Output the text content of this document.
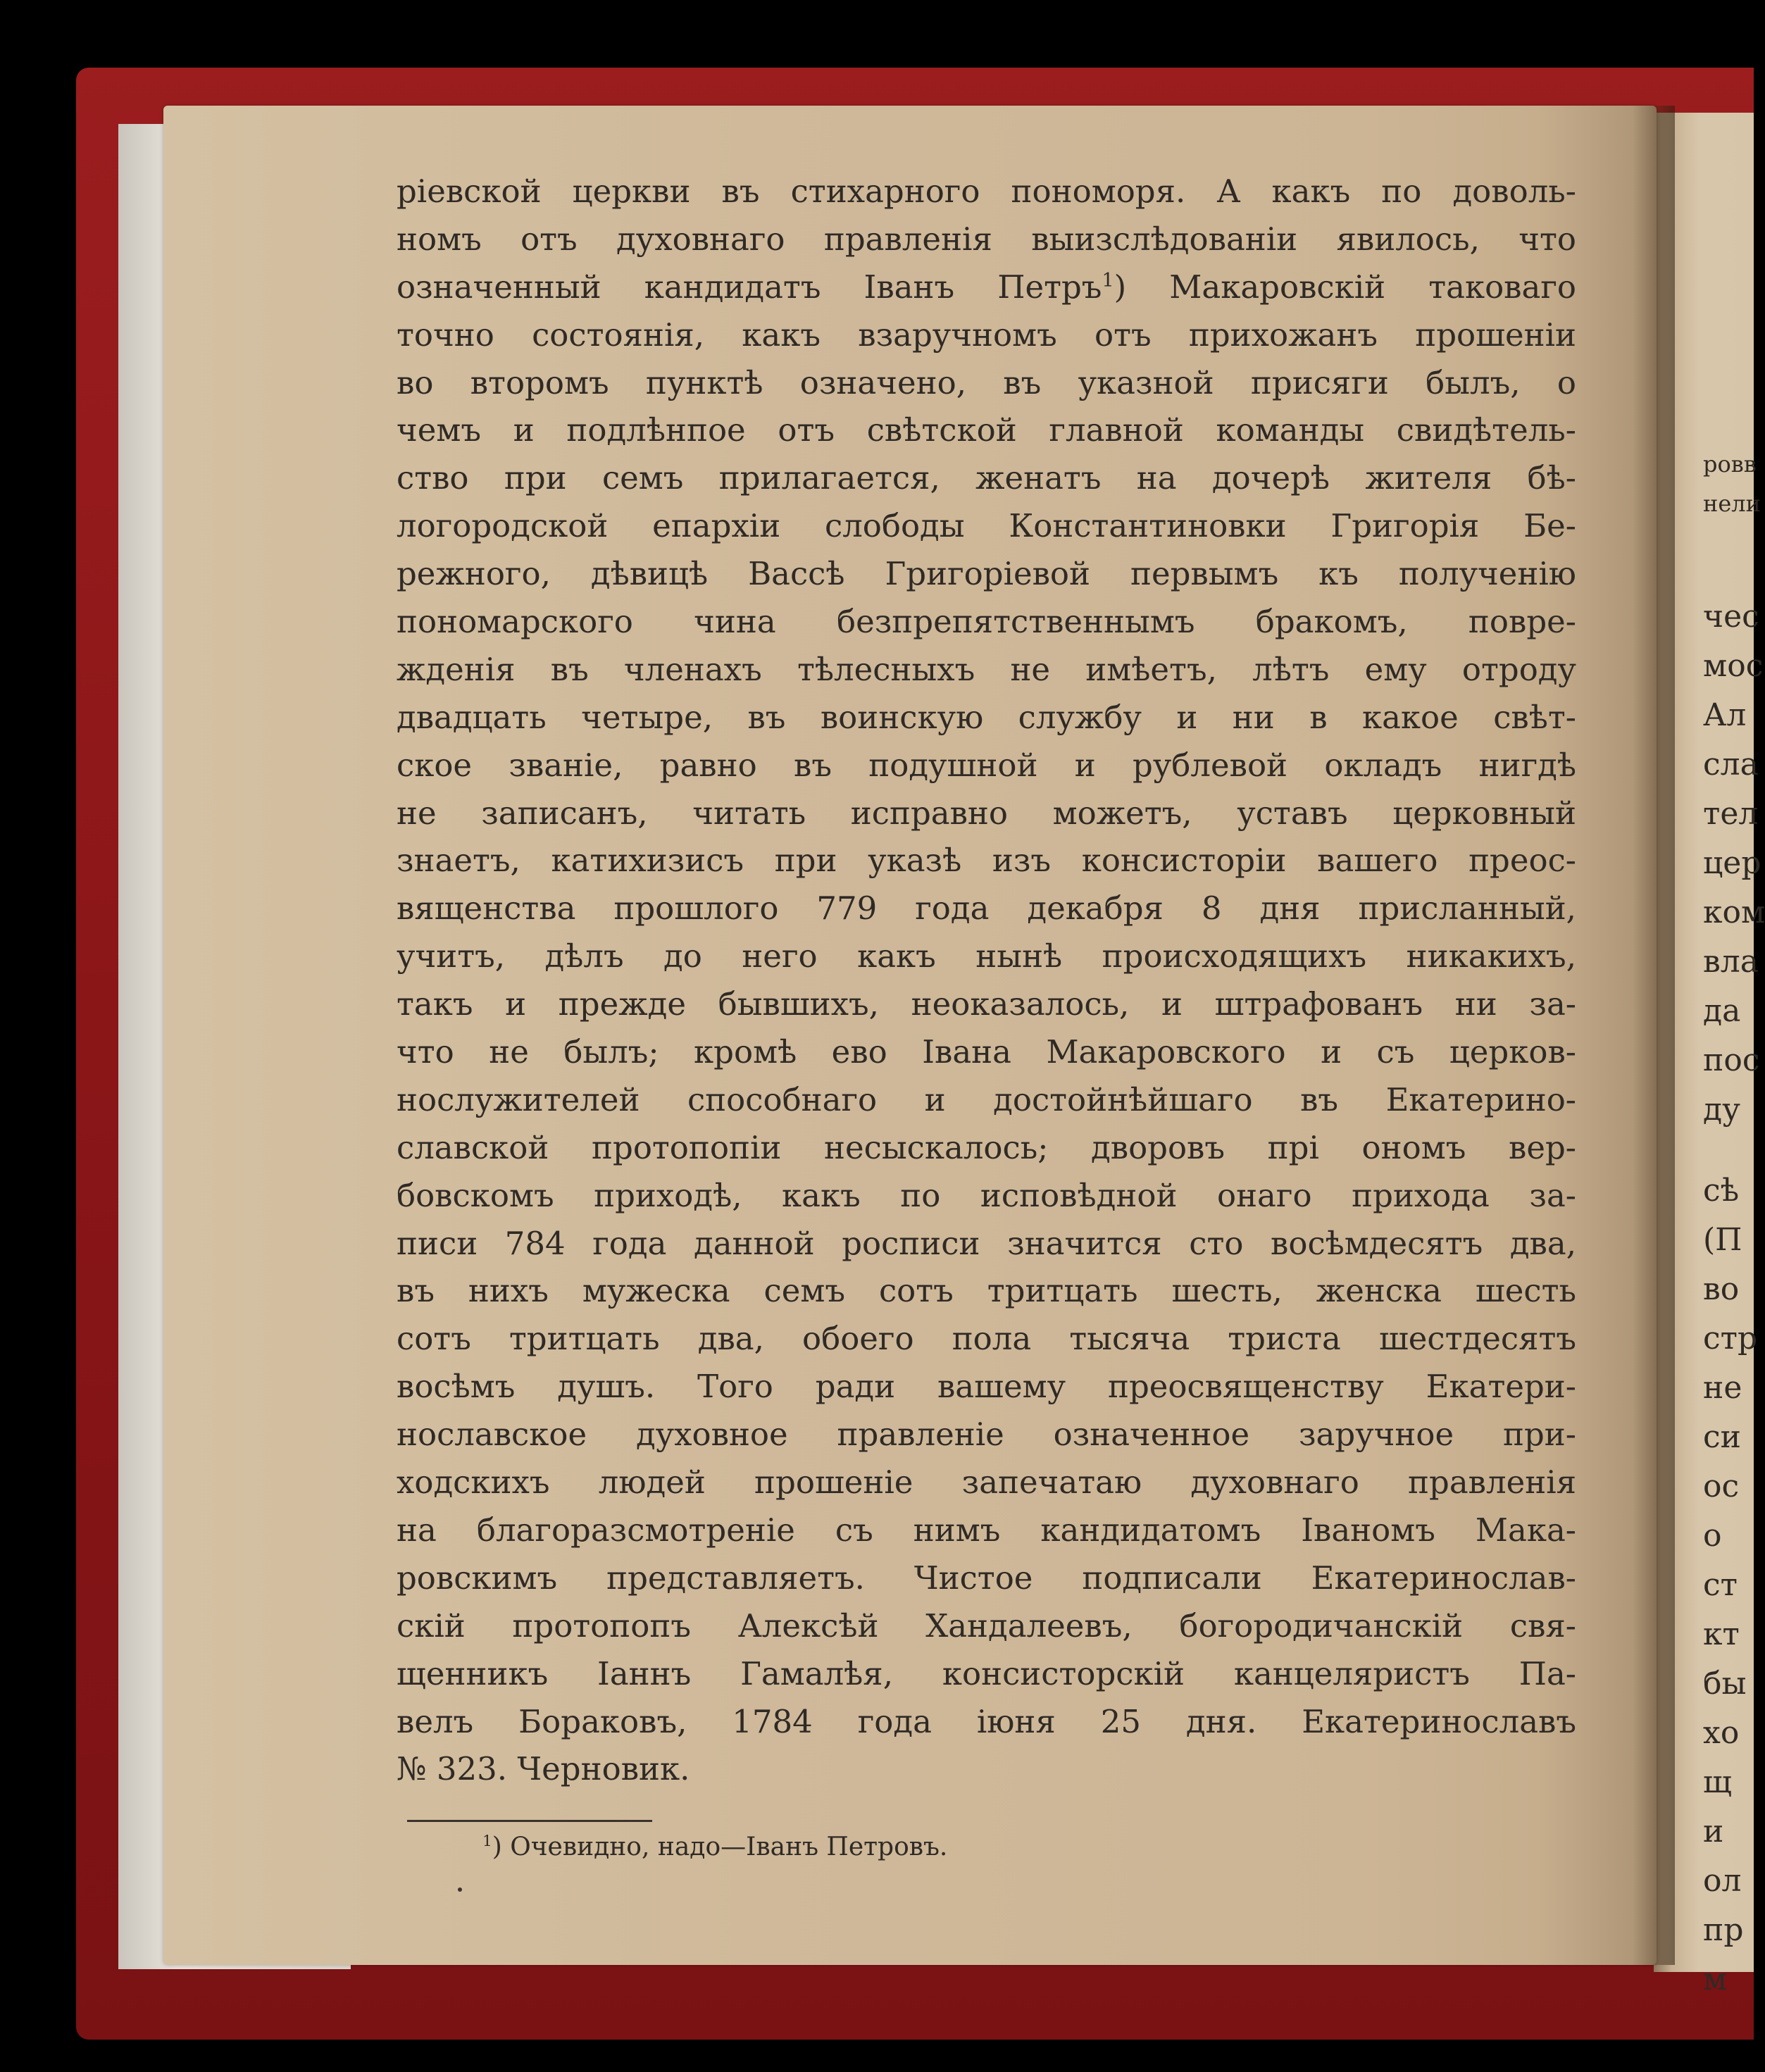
ріевской церкви въ стихарного пономоря. А какъ по доволь-
номъ отъ духовнаго правленія выизслѣдованіи явилось, что
означенный кандидатъ Іванъ Петръ$^1$) Макаровскій таковаго
точно состоянія, какъ взаручномъ отъ прихожанъ прошеніи
во второмъ пунктѣ означено, въ указной присяги былъ, о
чемъ и подлѣнпое отъ свѣтской главной команды свидѣтель-
ство при семъ прилагается, женатъ на дочерѣ жителя бѣ-
логородской епархіи слободы Константиновки Григорія Бе-
режного, дѣвицѣ Вассѣ Григоріевой первымъ къ полученію
пономарского чина безпрепятственнымъ бракомъ, повре-
жденія въ членахъ тѣлесныхъ не имѣетъ, лѣтъ ему отроду
двадцать четыре, въ воинскую службу и ни в какое свѣт-
ское званіе, равно въ подушной и рублевой окладъ нигдѣ
не записанъ, читать исправно можетъ, уставъ церковный
знаетъ, катихизисъ при указѣ изъ консисторіи вашего преос-
вященства прошлого 779 года декабря 8 дня присланный,
учитъ, дѣлъ до него какъ нынѣ происходящихъ никакихъ,
такъ и прежде бывшихъ, неоказалось, и штрафованъ ни за-
что не былъ; кромѣ ево Івана Макаровского и съ церков-
нослужителей способнаго и достойнѣйшаго въ Екатерино-
славской протопопіи несыскалось; дворовъ прі ономъ вер-
бовскомъ приходѣ, какъ по исповѣдной онаго прихода за-
писи 784 года данной росписи значится сто восѣмдесятъ два,
въ нихъ мужеска семъ сотъ тритцать шесть, женска шесть
сотъ тритцать два, обоего пола тысяча триста шестдесятъ
восѣмъ душъ. Того ради вашему преосвященству Екатери-
нославское духовное правленіе означенное заручное при-
ходскихъ людей прошеніе запечатаю духовнаго правленія
на благоразсмотреніе съ нимъ кандидатомъ Іваномъ Мака-
ровскимъ представляетъ. Чистое подписали Екатеринослав-
скій протопопъ Алексѣй Хандалеевъ, богородичанскій свя-
щенникъ Іаннъ Гамалѣя, консисторскій канцеляристъ Па-
велъ Бораковъ, 1784 года іюня 25 дня. Екатеринославъ
№ 323. Черновик.
$^1$) Очевидно, надо—Іванъ Петровъ.
ровв
нели
чес
мос
Ал
сла
тел
цер
ком
вла
да
пос
ду
сѣ
(П
во
стр
не
си
ос
о
ст
кт
бы
хо
щ
и
ол
пр
м
